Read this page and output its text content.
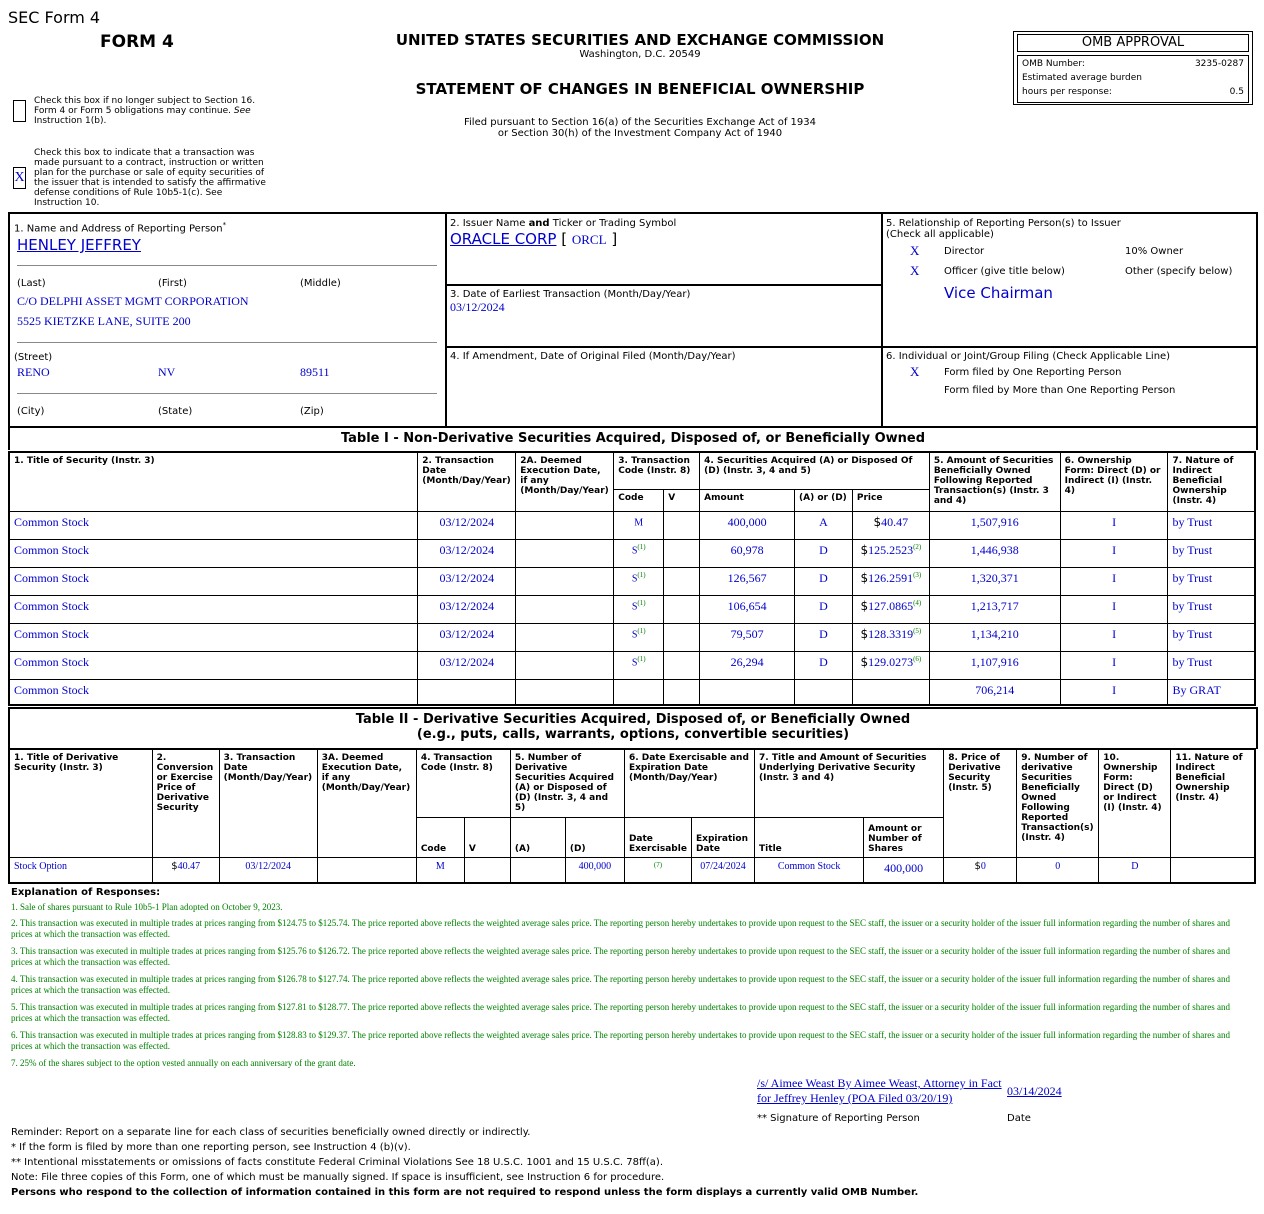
SEC Form 4
FORM 4	UNITED STATES SECURITIES AND EXCHANGE COMMISSION
Washington, D.C. 20549
STATEMENT OF CHANGES IN BENEFICIAL OWNERSHIP
Filed pursuant to Section 16(a) of the Securities Exchange Act of 1934
or Section 30(h) of the Investment Company Act of 1940
Check this box if no longer subject to Section 16. Form 4 or Form 5 obligations may continue. See Instruction 1(b).
X
Check this box to indicate that a transaction was made pursuant to a contract, instruction or written plan for the purchase or sale of equity securities of the issuer that is intended to satisfy the affirmative defense conditions of Rule 10b5-1(c). See Instruction 10.
OMB APPROVAL
OMB Number:	3235-0287
Estimated average burden
hours per response:	0.5
1. Name and Address of Reporting Person*
HENLEY JEFFREY
(Last)	(First)	(Middle)
C/O DELPHI ASSET MGMT CORPORATION
5525 KIETZKE LANE, SUITE 200
(Street)
RENO	NV	89511
(City)	(State)	(Zip)
2. Issuer Name and Ticker or Trading Symbol
ORACLE CORP [ ORCL ]
3. Date of Earliest Transaction (Month/Day/Year)
03/12/2024
4. If Amendment, Date of Original Filed (Month/Day/Year)
5. Relationship of Reporting Person(s) to Issuer
(Check all applicable)
X Director	10% Owner
X Officer (give title below)	Other (specify below)
Vice Chairman
6. Individual or Joint/Group Filing (Check Applicable Line)
X Form filed by One Reporting Person
Form filed by More than One Reporting Person
Table I - Non-Derivative Securities Acquired, Disposed of, or Beneficially Owned
1. Title of Security (Instr. 3)	2. Transaction Date (Month/Day/Year)	2A. Deemed Execution Date, if any (Month/Day/Year)	3. Transaction Code (Instr. 8)		4. Securities Acquired (A) or Disposed Of (D) (Instr. 3, 4 and 5)			5. Amount of Securities Beneficially Owned Following Reported Transaction(s) (Instr. 3 and 4)	6. Ownership Form: Direct (D) or Indirect (I) (Instr. 4)	7. Nature of Indirect Beneficial Ownership (Instr. 4)
			Code	V	Amount	(A) or (D)	Price			
Common Stock	03/12/2024		M		400,000	A	$40.47	1,507,916	I	by Trust
Common Stock	03/12/2024		S$^{(1)}$		60,978	D	$125.2523$^{(2)}$	1,446,938	I	by Trust
Common Stock	03/12/2024		S$^{(1)}$		126,567	D	$126.2591$^{(3)}$	1,320,371	I	by Trust
Common Stock	03/12/2024		S$^{(1)}$		106,654	D	$127.0865$^{(4)}$	1,213,717	I	by Trust
Common Stock	03/12/2024		S$^{(1)}$		79,507	D	$128.3319$^{(5)}$	1,134,210	I	by Trust
Common Stock	03/12/2024		S$^{(1)}$		26,294	D	$129.0273$^{(6)}$	1,107,916	I	by Trust
Common Stock								706,214	I	By GRAT
Table II - Derivative Securities Acquired, Disposed of, or Beneficially Owned
(e.g., puts, calls, warrants, options, convertible securities)
1. Title of Derivative Security (Instr. 3)	2. Conversion or Exercise Price of Derivative Security	3. Transaction Date (Month/Day/Year)	3A. Deemed Execution Date, if any (Month/Day/Year)	4. Transaction Code (Instr. 8)		5. Number of Derivative Securities Acquired (A) or Disposed of (D) (Instr. 3, 4 and 5)		6. Date Exercisable and Expiration Date (Month/Day/Year)		7. Title and Amount of Securities Underlying Derivative Security (Instr. 3 and 4)		8. Price of Derivative Security (Instr. 5)	9. Number of derivative Securities Beneficially Owned Following Reported Transaction(s) (Instr. 4)	10. Ownership Form: Direct (D) or Indirect (I) (Instr. 4)	11. Nature of Indirect Beneficial Ownership (Instr. 4)
				Code	V	(A)	(D)	Date Exercisable	Expiration Date	Title	Amount or Number of Shares				
Stock Option	$40.47	03/12/2024		M			400,000	$^{(7)}$	07/24/2024	Common Stock	400,000	$0	0	D	
Explanation of Responses:
1. Sale of shares pursuant to Rule 10b5-1 Plan adopted on October 9, 2023.
2. This transaction was executed in multiple trades at prices ranging from $124.75 to $125.74. The price reported above reflects the weighted average sales price. The reporting person hereby undertakes to provide upon request to the SEC staff, the issuer or a security holder of the issuer full information regarding the number of shares and prices at which the transaction was effected.
3. This transaction was executed in multiple trades at prices ranging from $125.76 to $126.72. The price reported above reflects the weighted average sales price. The reporting person hereby undertakes to provide upon request to the SEC staff, the issuer or a security holder of the issuer full information regarding the number of shares and prices at which the transaction was effected.
4. This transaction was executed in multiple trades at prices ranging from $126.78 to $127.74. The price reported above reflects the weighted average sales price. The reporting person hereby undertakes to provide upon request to the SEC staff, the issuer or a security holder of the issuer full information regarding the number of shares and prices at which the transaction was effected.
5. This transaction was executed in multiple trades at prices ranging from $127.81 to $128.77. The price reported above reflects the weighted average sales price. The reporting person hereby undertakes to provide upon request to the SEC staff, the issuer or a security holder of the issuer full information regarding the number of shares and prices at which the transaction was effected.
6. This transaction was executed in multiple trades at prices ranging from $128.83 to $129.37. The price reported above reflects the weighted average sales price. The reporting person hereby undertakes to provide upon request to the SEC staff, the issuer or a security holder of the issuer full information regarding the number of shares and prices at which the transaction was effected.
7. 25% of the shares subject to the option vested annually on each anniversary of the grant date.
/s/ Aimee Weast By Aimee Weast, Attorney in Fact for Jeffrey Henley (POA Filed 03/20/19)	03/14/2024
** Signature of Reporting Person	Date
Reminder: Report on a separate line for each class of securities beneficially owned directly or indirectly.
* If the form is filed by more than one reporting person, see Instruction 4 (b)(v).
** Intentional misstatements or omissions of facts constitute Federal Criminal Violations See 18 U.S.C. 1001 and 15 U.S.C. 78ff(a).
Note: File three copies of this Form, one of which must be manually signed. If space is insufficient, see Instruction 6 for procedure.
Persons who respond to the collection of information contained in this form are not required to respond unless the form displays a currently valid OMB Number.
